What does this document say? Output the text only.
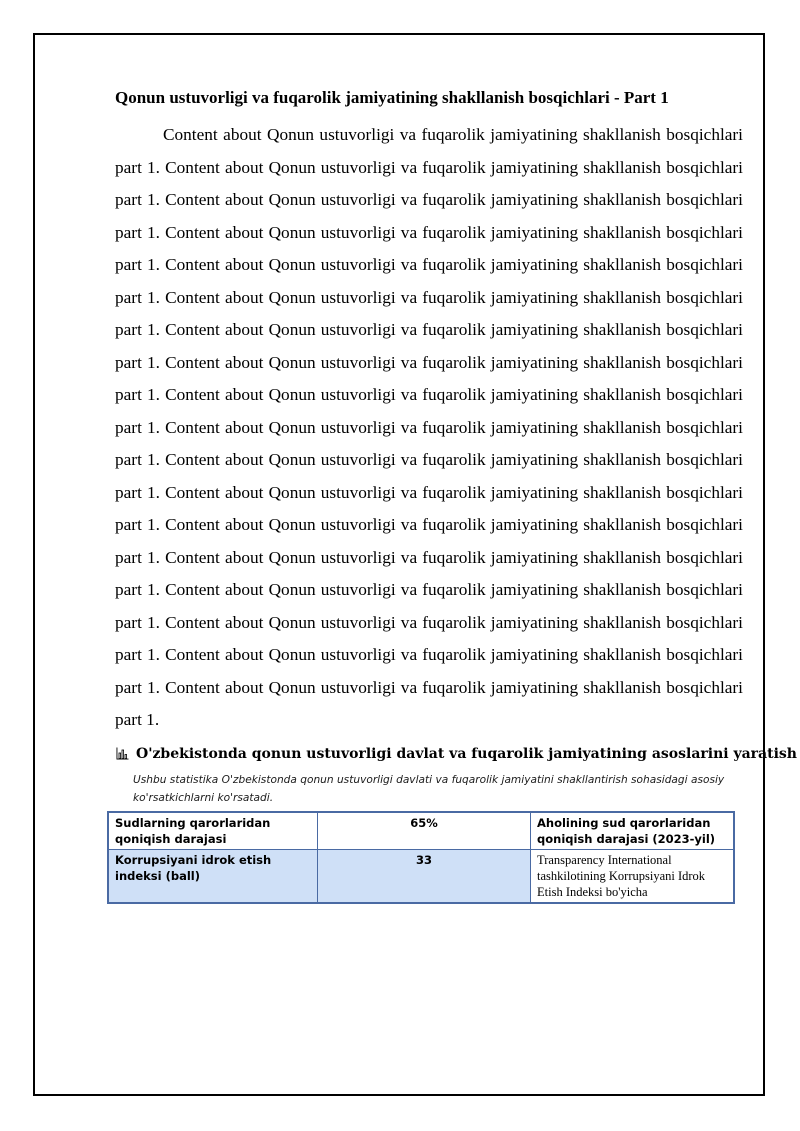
Qonun ustuvorligi va fuqarolik jamiyatining shakllanish bosqichlari - Part 1

Content about Qonun ustuvorligi va fuqarolik jamiyatining shakllanish bosqichlari part 1. Content about Qonun ustuvorligi va fuqarolik jamiyatining shakllanish bosqichlari part 1. Content about Qonun ustuvorligi va fuqarolik jamiyatining shakllanish bosqichlari part 1. Content about Qonun ustuvorligi va fuqarolik jamiyatining shakllanish bosqichlari part 1. Content about Qonun ustuvorligi va fuqarolik jamiyatining shakllanish bosqichlari part 1. Content about Qonun ustuvorligi va fuqarolik jamiyatining shakllanish bosqichlari part 1. Content about Qonun ustuvorligi va fuqarolik jamiyatining shakllanish bosqichlari part 1. Content about Qonun ustuvorligi va fuqarolik jamiyatining shakllanish bosqichlari part 1. Content about Qonun ustuvorligi va fuqarolik jamiyatining shakllanish bosqichlari part 1. Content about Qonun ustuvorligi va fuqarolik jamiyatining shakllanish bosqichlari part 1. Content about Qonun ustuvorligi va fuqarolik jamiyatining shakllanish bosqichlari part 1. Content about Qonun ustuvorligi va fuqarolik jamiyatining shakllanish bosqichlari part 1. Content about Qonun ustuvorligi va fuqarolik jamiyatining shakllanish bosqichlari part 1. Content about Qonun ustuvorligi va fuqarolik jamiyatining shakllanish bosqichlari part 1. Content about Qonun ustuvorligi va fuqarolik jamiyatining shakllanish bosqichlari part 1. Content about Qonun ustuvorligi va fuqarolik jamiyatining shakllanish bosqichlari part 1. Content about Qonun ustuvorligi va fuqarolik jamiyatining shakllanish bosqichlari part 1. Content about Qonun ustuvorligi va fuqarolik jamiyatining shakllanish bosqichlari part 1.

O'zbekistonda qonun ustuvorligi davlat va fuqarolik jamiyatining asoslarini yaratish

Ushbu statistika O'zbekistonda qonun ustuvorligi davlati va fuqarolik jamiyatini shakllantirish sohasidagi asosiy ko'rsatkichlarni ko'rsatadi.

Sudlarning qarorlaridan qoniqish darajasi	65%	Aholining sud qarorlaridan qoniqish darajasi (2023-yil)
Korrupsiyani idrok etish indeksi (ball)	33	Transparency International tashkilotining Korrupsiyani Idrok Etish Indeksi bo'yicha
